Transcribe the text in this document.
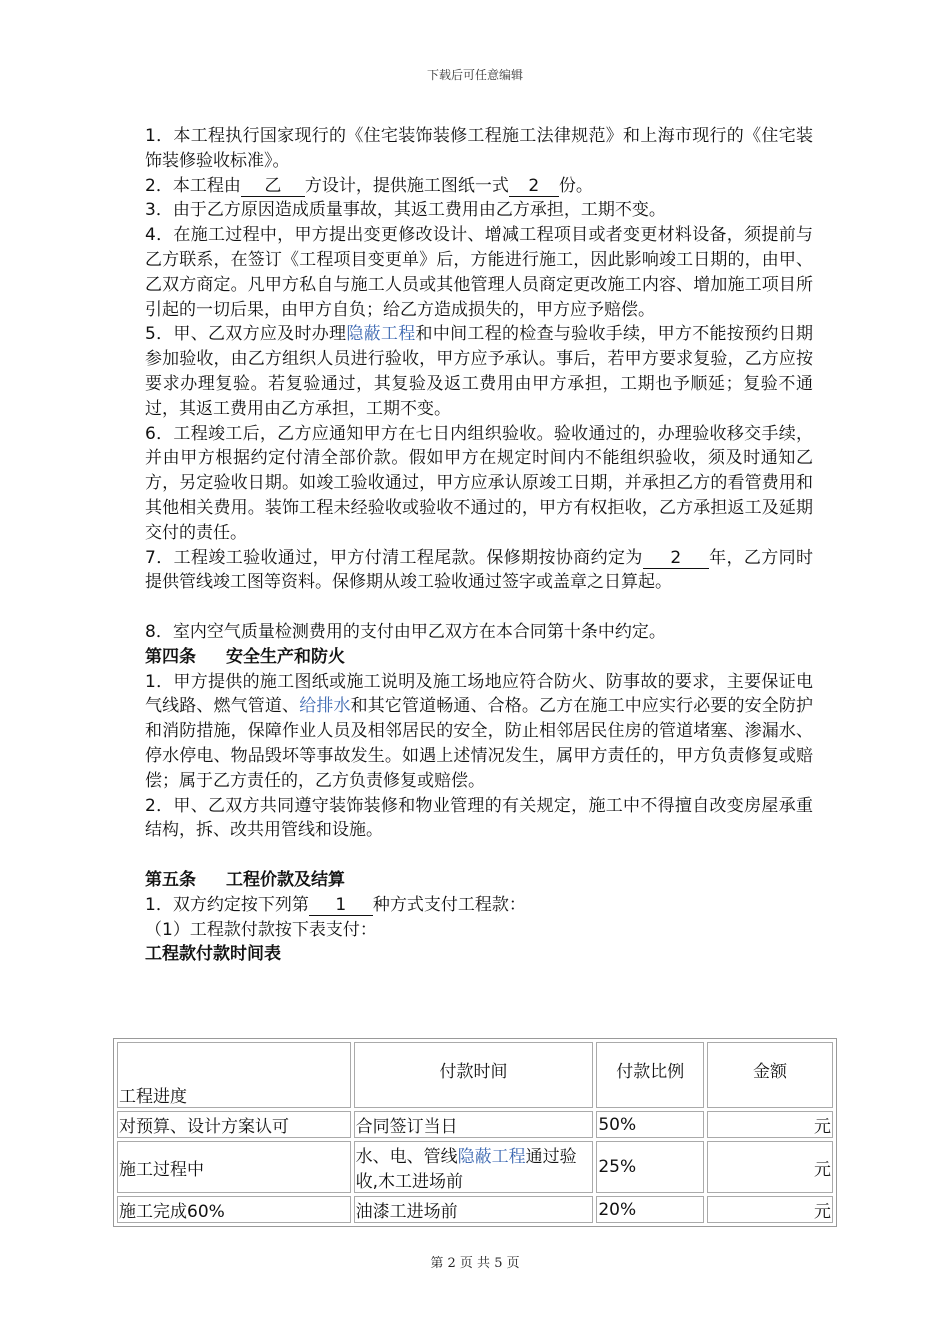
下载后可任意编辑

1．本工程执行国家现行的《住宅装饰装修工程施工法律规范》和上海市现行的《住宅装饰装修验收标准》。

2．本工程由 乙 方设计，提供施工图纸一式 2 份。

3．由于乙方原因造成质量事故，其返工费用由乙方承担，工期不变。

4．在施工过程中，甲方提出变更修改设计、增减工程项目或者变更材料设备，须提前与乙方联系，在签订《工程项目变更单》后，方能进行施工，因此影响竣工日期的，由甲、乙双方商定。凡甲方私自与施工人员或其他管理人员商定更改施工内容、增加施工项目所引起的一切后果，由甲方自负；给乙方造成损失的，甲方应予赔偿。

5．甲、乙双方应及时办理隐蔽工程和中间工程的检查与验收手续，甲方不能按预约日期参加验收，由乙方组织人员进行验收，甲方应予承认。事后，若甲方要求复验，乙方应按要求办理复验。若复验通过，其复验及返工费用由甲方承担，工期也予顺延；复验不通过，其返工费用由乙方承担，工期不变。

6．工程竣工后，乙方应通知甲方在七日内组织验收。验收通过的，办理验收移交手续，并由甲方根据约定付清全部价款。假如甲方在规定时间内不能组织验收，须及时通知乙方，另定验收日期。如竣工验收通过，甲方应承认原竣工日期，并承担乙方的看管费用和其他相关费用。装饰工程未经验收或验收不通过的，甲方有权拒收，乙方承担返工及延期交付的责任。

7．工程竣工验收通过，甲方付清工程尾款。保修期按协商约定为 2 年，乙方同时提供管线竣工图等资料。保修期从竣工验收通过签字或盖章之日算起。

8．室内空气质量检测费用的支付由甲乙双方在本合同第十条中约定。

第四条 安全生产和防火

1．甲方提供的施工图纸或施工说明及施工场地应符合防火、防事故的要求，主要保证电气线路、燃气管道、给排水和其它管道畅通、合格。乙方在施工中应实行必要的安全防护和消防措施，保障作业人员及相邻居民的安全，防止相邻居民住房的管道堵塞、渗漏水、停水停电、物品毁坏等事故发生。如遇上述情况发生，属甲方责任的，甲方负责修复或赔偿；属于乙方责任的，乙方负责修复或赔偿。

2．甲、乙双方共同遵守装饰装修和物业管理的有关规定，施工中不得擅自改变房屋承重结构，拆、改共用管线和设施。

第五条 工程价款及结算

1．双方约定按下列第 1 种方式支付工程款：

（1）工程款付款按下表支付：

工程款付款时间表

工程进度	付款时间	付款比例	金额
对预算、设计方案认可	合同签订当日	50%	元
施工过程中	水、电、管线隐蔽工程通过验收,木工进场前	25%	元
施工完成60%	油漆工进场前	20%	元
第 2 页 共 5 页
